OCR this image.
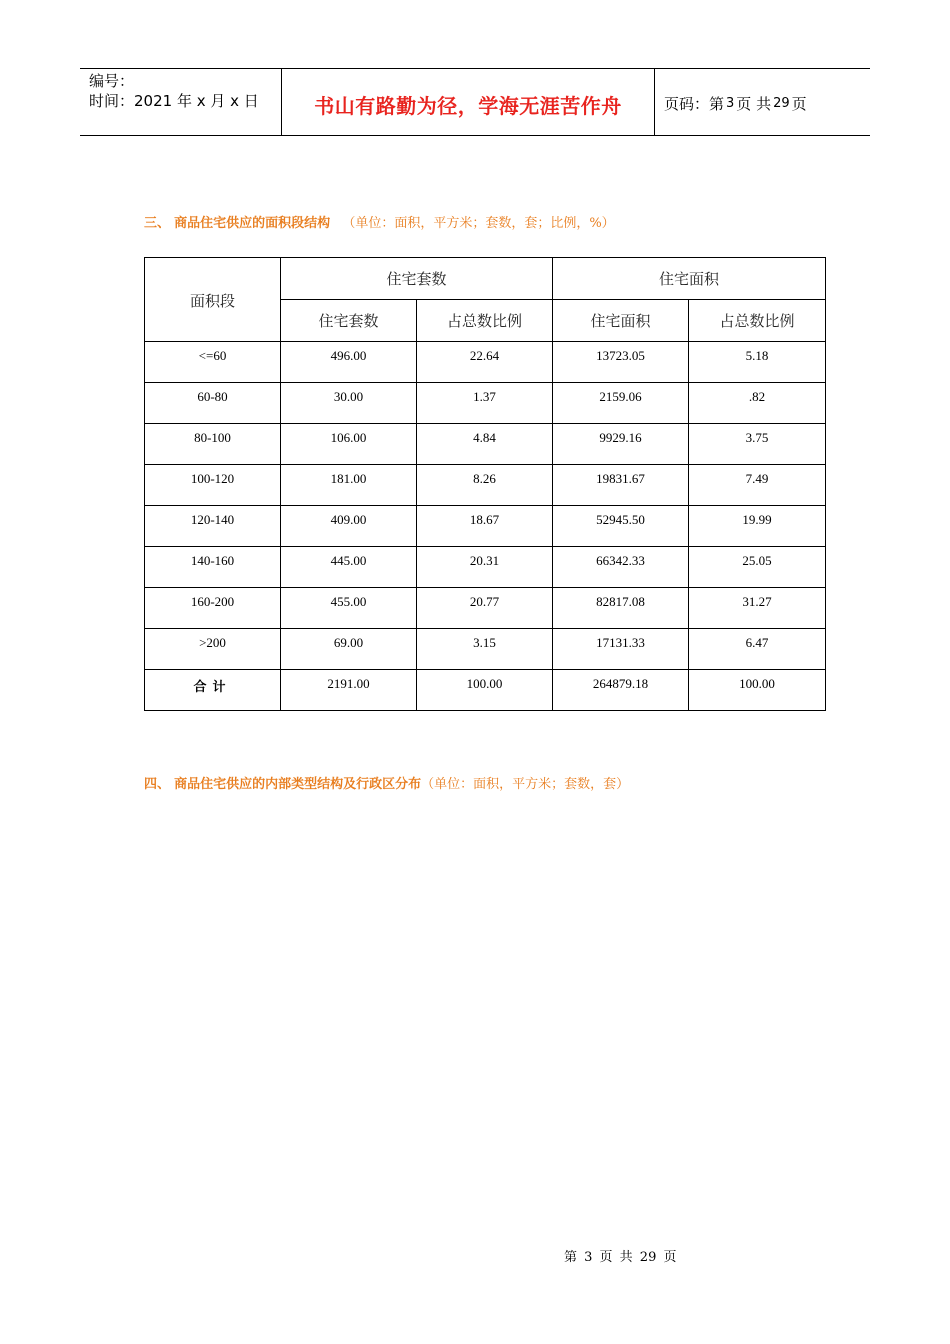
编号：
时间：2021 年 x 月 x 日	书山有路勤为径，学海无涯苦作舟	页码：第 3 页 共 29 页
三、 商品住宅供应的面积段结构 （单位：面积，平方米；套数，套；比例，%）
面积段	住宅套数		住宅面积	
	住宅套数	占总数比例	住宅面积	占总数比例
<=60	496.00	22.64	13723.05	5.18
60-80	30.00	1.37	2159.06	.82
80-100	106.00	4.84	9929.16	3.75
100-120	181.00	8.26	19831.67	7.49
120-140	409.00	18.67	52945.50	19.99
140-160	445.00	20.31	66342.33	25.05
160-200	455.00	20.77	82817.08	31.27
>200	69.00	3.15	17131.33	6.47
合计	2191.00	100.00	264879.18	100.00
四、 商品住宅供应的内部类型结构及行政区分布（单位：面积，平方米；套数，套）
第 3 页 共 29 页
